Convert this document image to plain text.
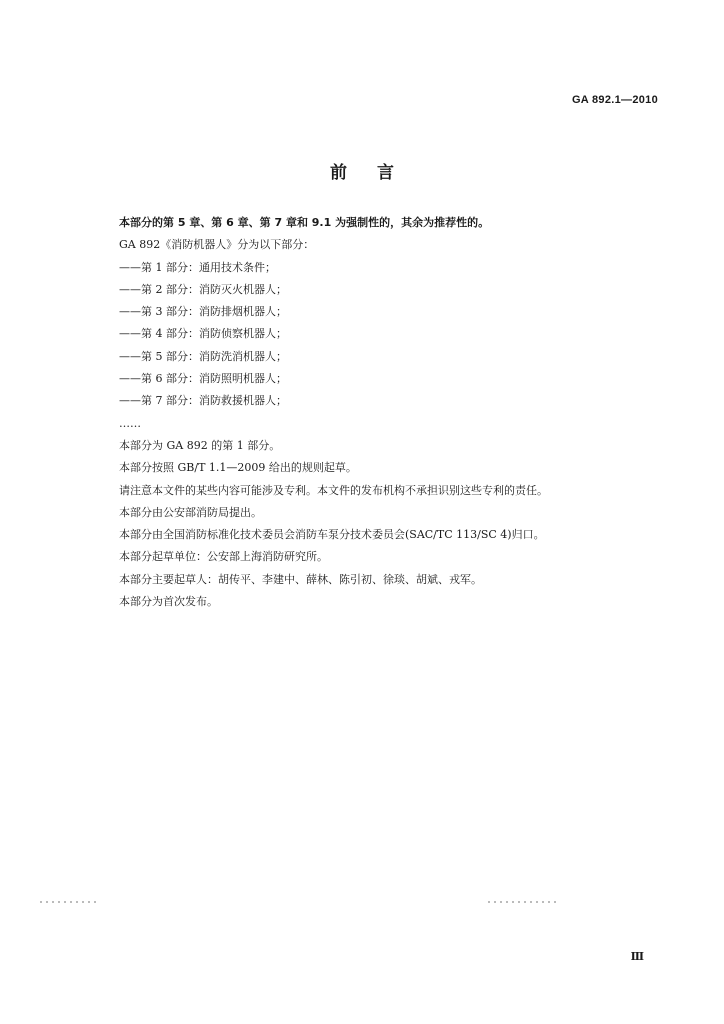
GA 892.1—2010
前言
本部分的第 5 章、第 6 章、第 7 章和 9.1 为强制性的，其余为推荐性的。
GA 892《消防机器人》分为以下部分：
——第 1 部分：通用技术条件；
——第 2 部分：消防灭火机器人；
——第 3 部分：消防排烟机器人；
——第 4 部分：消防侦察机器人；
——第 5 部分：消防洗消机器人；
——第 6 部分：消防照明机器人；
——第 7 部分：消防救援机器人；
……
本部分为 GA 892 的第 1 部分。
本部分按照 GB/T 1.1—2009 给出的规则起草。
请注意本文件的某些内容可能涉及专利。本文件的发布机构不承担识别这些专利的责任。
本部分由公安部消防局提出。
本部分由全国消防标准化技术委员会消防车泵分技术委员会(SAC/TC 113/SC 4)归口。
本部分起草单位：公安部上海消防研究所。
本部分主要起草人：胡传平、李建中、薛林、陈引初、徐琰、胡斌、戎军。
本部分为首次发布。
Ⅲ
